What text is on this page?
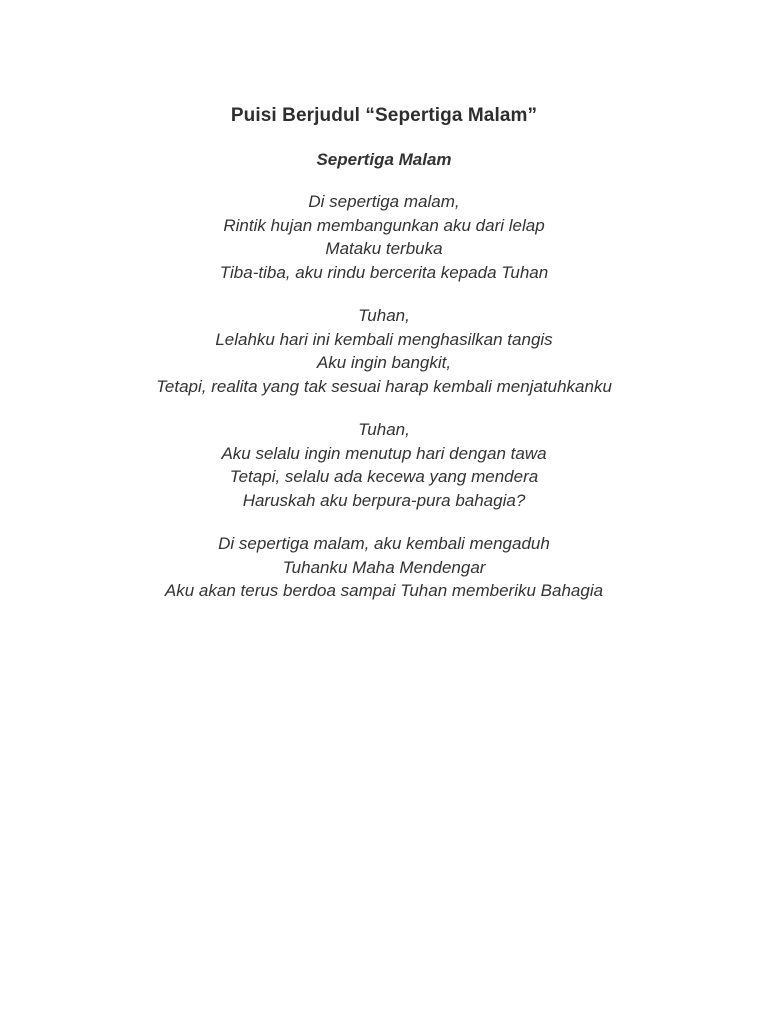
Puisi Berjudul “Sepertiga Malam”
Sepertiga Malam
Di sepertiga malam,
Rintik hujan membangunkan aku dari lelap
Mataku terbuka
Tiba-tiba, aku rindu bercerita kepada Tuhan
Tuhan,
Lelahku hari ini kembali menghasilkan tangis
Aku ingin bangkit,
Tetapi, realita yang tak sesuai harap kembali menjatuhkanku
Tuhan,
Aku selalu ingin menutup hari dengan tawa
Tetapi, selalu ada kecewa yang mendera
Haruskah aku berpura-pura bahagia?
Di sepertiga malam, aku kembali mengaduh
Tuhanku Maha Mendengar
Aku akan terus berdoa sampai Tuhan memberiku Bahagia
